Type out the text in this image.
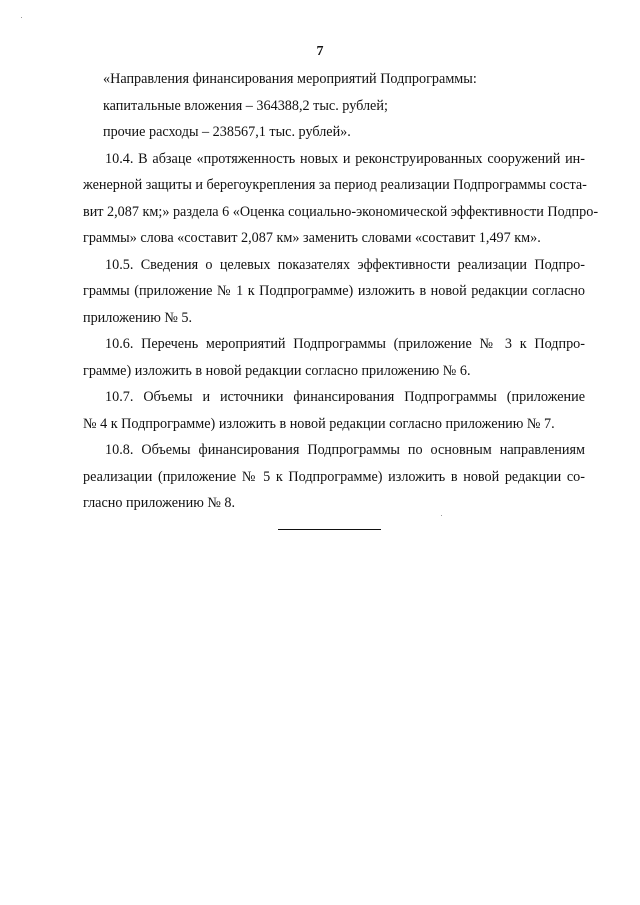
7
«Направления финансирования мероприятий Подпрограммы:
капитальные вложения – 364388,2 тыс. рублей;
прочие расходы – 238567,1 тыс. рублей».

10.4. В абзаце «протяженность новых и реконструированных сооружений ин-

женерной защиты и берегоукрепления за период реализации Подпрограммы соста-

вит 2,087 км;» раздела 6 «Оценка социально-экономической эффективности Подпро-

граммы» слова «составит 2,087 км» заменить словами «составит 1,497 км».

10.5. Сведения о целевых показателях эффективности реализации Подпро-

граммы (приложение № 1 к Подпрограмме) изложить в новой редакции согласно

приложению № 5.

10.6. Перечень мероприятий Подпрограммы (приложение № 3 к Подпро-

грамме) изложить в новой редакции согласно приложению № 6.

10.7. Объемы и источники финансирования Подпрограммы (приложение

№ 4 к Подпрограмме) изложить в новой редакции согласно приложению № 7.

10.8. Объемы финансирования Подпрограммы по основным направлениям

реализации (приложение № 5 к Подпрограмме) изложить в новой редакции со-

гласно приложению № 8.
